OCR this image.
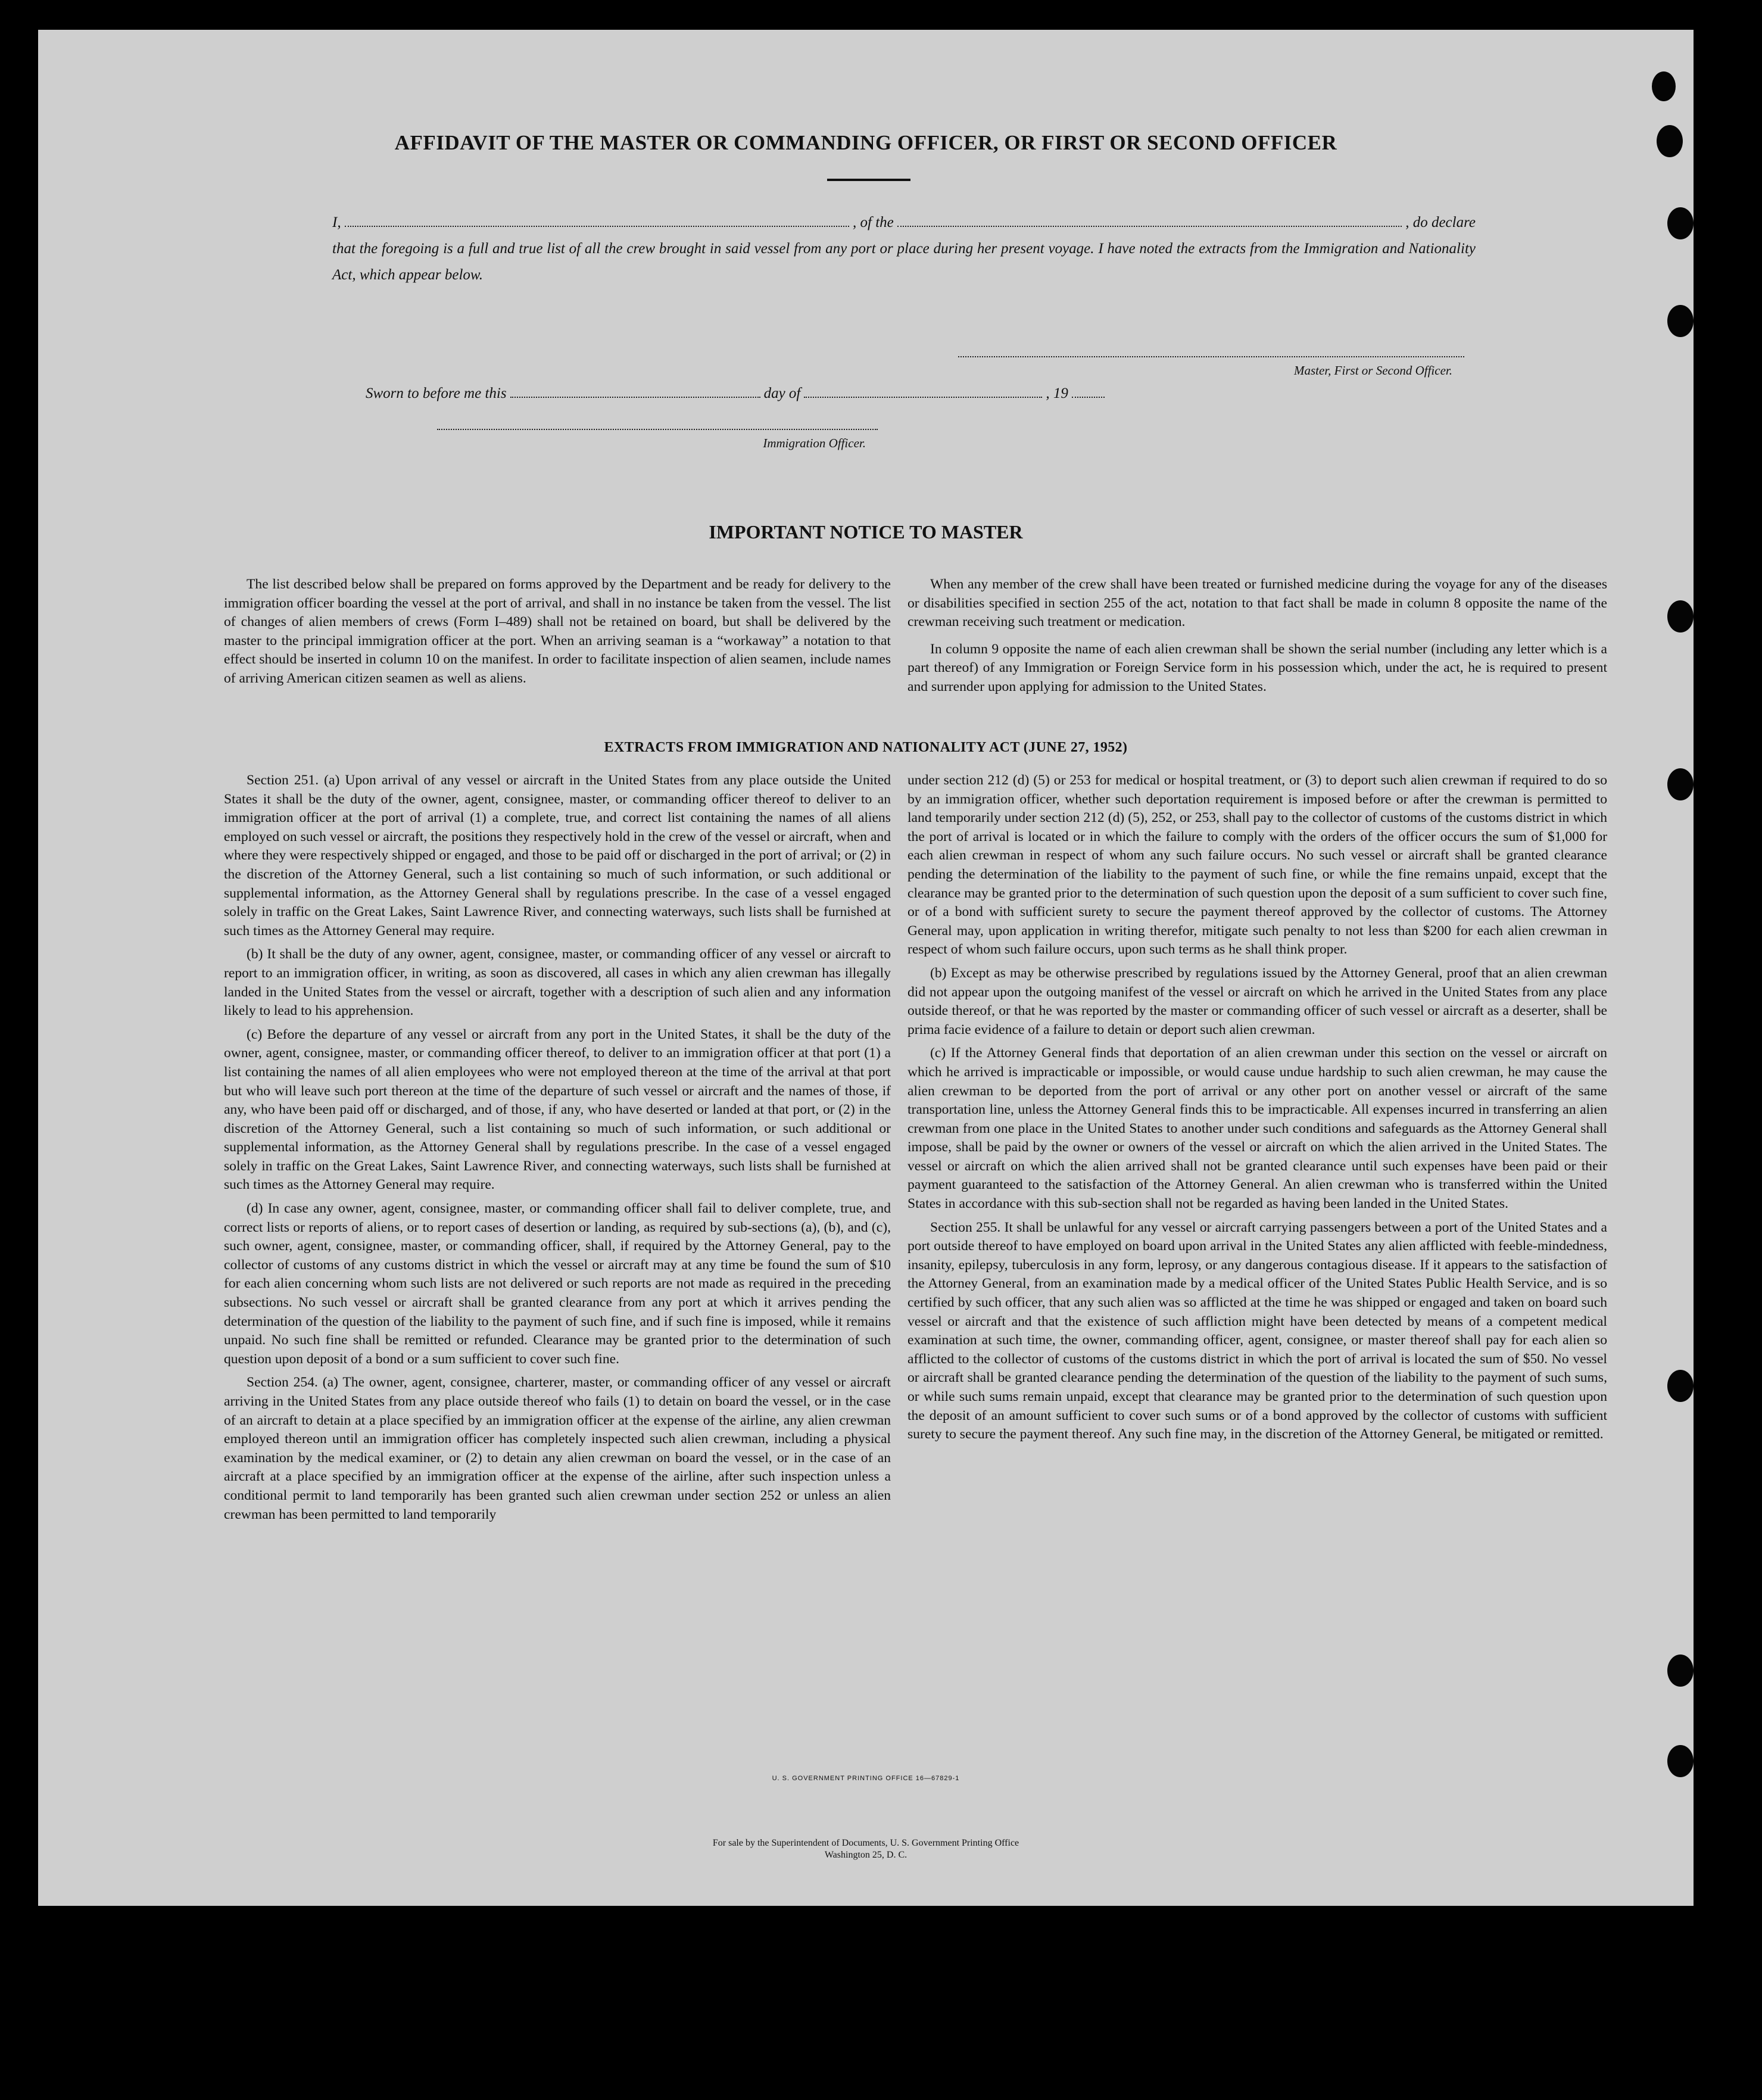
AFFIDAVIT OF THE MASTER OR COMMANDING OFFICER, OR FIRST OR SECOND OFFICER
I,	, of the	, do declare
that the foregoing is a full and true list of all the crew brought in said vessel from any port or place during her present voyage. I have noted the extracts from the Immigration and Nationality Act, which appear below.
Master, First or Second Officer.
Sworn to before me this	day of	, 19
Immigration Officer.
IMPORTANT NOTICE TO MASTER

The list described below shall be prepared on forms approved by the Department and be ready for delivery to the immigration officer boarding the vessel at the port of arrival, and shall in no instance be taken from the vessel. The list of changes of alien members of crews (Form I–489) shall not be retained on board, but shall be delivered by the master to the principal immigration officer at the port. When an arriving seaman is a “workaway” a notation to that effect should be inserted in column 10 on the manifest. In order to facilitate inspection of alien seamen, include names of arriving American citizen seamen as well as aliens.

When any member of the crew shall have been treated or furnished medicine during the voyage for any of the diseases or disabilities specified in section 255 of the act, notation to that fact shall be made in column 8 opposite the name of the crewman receiving such treatment or medication.

In column 9 opposite the name of each alien crewman shall be shown the serial number (including any letter which is a part thereof) of any Immigration or Foreign Service form in his possession which, under the act, he is required to present and surrender upon applying for admission to the United States.

EXTRACTS FROM IMMIGRATION AND NATIONALITY ACT (JUNE 27, 1952)

Section 251. (a) Upon arrival of any vessel or aircraft in the United States from any place outside the United States it shall be the duty of the owner, agent, consignee, master, or commanding officer thereof to deliver to an immigration officer at the port of arrival (1) a complete, true, and correct list containing the names of all aliens employed on such vessel or aircraft, the positions they respectively hold in the crew of the vessel or aircraft, when and where they were respectively shipped or engaged, and those to be paid off or discharged in the port of arrival; or (2) in the discretion of the Attorney General, such a list containing so much of such information, or such additional or supplemental information, as the Attorney General shall by regulations prescribe. In the case of a vessel engaged solely in traffic on the Great Lakes, Saint Lawrence River, and connecting waterways, such lists shall be furnished at such times as the Attorney General may require.

(b) It shall be the duty of any owner, agent, consignee, master, or commanding officer of any vessel or aircraft to report to an immigration officer, in writing, as soon as discovered, all cases in which any alien crewman has illegally landed in the United States from the vessel or aircraft, together with a description of such alien and any information likely to lead to his apprehension.

(c) Before the departure of any vessel or aircraft from any port in the United States, it shall be the duty of the owner, agent, consignee, master, or commanding officer thereof, to deliver to an immigration officer at that port (1) a list containing the names of all alien employees who were not employed thereon at the time of the arrival at that port but who will leave such port thereon at the time of the departure of such vessel or aircraft and the names of those, if any, who have been paid off or discharged, and of those, if any, who have deserted or landed at that port, or (2) in the discretion of the Attorney General, such a list containing so much of such information, or such additional or supplemental information, as the Attorney General shall by regulations prescribe. In the case of a vessel engaged solely in traffic on the Great Lakes, Saint Lawrence River, and connecting waterways, such lists shall be furnished at such times as the Attorney General may require.

(d) In case any owner, agent, consignee, master, or commanding officer shall fail to deliver complete, true, and correct lists or reports of aliens, or to report cases of desertion or landing, as required by sub-sections (a), (b), and (c), such owner, agent, consignee, master, or commanding officer, shall, if required by the Attorney General, pay to the collector of customs of any customs district in which the vessel or aircraft may at any time be found the sum of $10 for each alien concerning whom such lists are not delivered or such reports are not made as required in the preceding subsections. No such vessel or aircraft shall be granted clearance from any port at which it arrives pending the determination of the question of the liability to the payment of such fine, and if such fine is imposed, while it remains unpaid. No such fine shall be remitted or refunded. Clearance may be granted prior to the determination of such question upon deposit of a bond or a sum sufficient to cover such fine.

Section 254. (a) The owner, agent, consignee, charterer, master, or commanding officer of any vessel or aircraft arriving in the United States from any place outside thereof who fails (1) to detain on board the vessel, or in the case of an aircraft to detain at a place specified by an immigration officer at the expense of the airline, any alien crewman employed thereon until an immigration officer has completely inspected such alien crewman, including a physical examination by the medical examiner, or (2) to detain any alien crewman on board the vessel, or in the case of an aircraft at a place specified by an immigration officer at the expense of the airline, after such inspection unless a conditional permit to land temporarily has been granted such alien crewman under section 252 or unless an alien crewman has been permitted to land temporarily

under section 212 (d) (5) or 253 for medical or hospital treatment, or (3) to deport such alien crewman if required to do so by an immigration officer, whether such deportation requirement is imposed before or after the crewman is permitted to land temporarily under section 212 (d) (5), 252, or 253, shall pay to the collector of customs of the customs district in which the port of arrival is located or in which the failure to comply with the orders of the officer occurs the sum of $1,000 for each alien crewman in respect of whom any such failure occurs. No such vessel or aircraft shall be granted clearance pending the determination of the liability to the payment of such fine, or while the fine remains unpaid, except that the clearance may be granted prior to the determination of such question upon the deposit of a sum sufficient to cover such fine, or of a bond with sufficient surety to secure the payment thereof approved by the collector of customs. The Attorney General may, upon application in writing therefor, mitigate such penalty to not less than $200 for each alien crewman in respect of whom such failure occurs, upon such terms as he shall think proper.

(b) Except as may be otherwise prescribed by regulations issued by the Attorney General, proof that an alien crewman did not appear upon the outgoing manifest of the vessel or aircraft on which he arrived in the United States from any place outside thereof, or that he was reported by the master or commanding officer of such vessel or aircraft as a deserter, shall be prima facie evidence of a failure to detain or deport such alien crewman.

(c) If the Attorney General finds that deportation of an alien crewman under this section on the vessel or aircraft on which he arrived is impracticable or impossible, or would cause undue hardship to such alien crewman, he may cause the alien crewman to be deported from the port of arrival or any other port on another vessel or aircraft of the same transportation line, unless the Attorney General finds this to be impracticable. All expenses incurred in transferring an alien crewman from one place in the United States to another under such conditions and safeguards as the Attorney General shall impose, shall be paid by the owner or owners of the vessel or aircraft on which the alien arrived in the United States. The vessel or aircraft on which the alien arrived shall not be granted clearance until such expenses have been paid or their payment guaranteed to the satisfaction of the Attorney General. An alien crewman who is transferred within the United States in accordance with this sub-section shall not be regarded as having been landed in the United States.

Section 255. It shall be unlawful for any vessel or aircraft carrying passengers between a port of the United States and a port outside thereof to have employed on board upon arrival in the United States any alien afflicted with feeble-mindedness, insanity, epilepsy, tuberculosis in any form, leprosy, or any dangerous contagious disease. If it appears to the satisfaction of the Attorney General, from an examination made by a medical officer of the United States Public Health Service, and is so certified by such officer, that any such alien was so afflicted at the time he was shipped or engaged and taken on board such vessel or aircraft and that the existence of such affliction might have been detected by means of a competent medical examination at such time, the owner, commanding officer, agent, consignee, or master thereof shall pay for each alien so afflicted to the collector of customs of the customs district in which the port of arrival is located the sum of $50. No vessel or aircraft shall be granted clearance pending the determination of the question of the liability to the payment of such sums, or while such sums remain unpaid, except that clearance may be granted prior to the determination of such question upon the deposit of an amount sufficient to cover such sums or of a bond approved by the collector of customs with sufficient surety to secure the payment thereof. Any such fine may, in the discretion of the Attorney General, be mitigated or remitted.

U. S. GOVERNMENT PRINTING OFFICE 16—67829-1
For sale by the Superintendent of Documents, U. S. Government Printing Office
Washington 25, D. C.
